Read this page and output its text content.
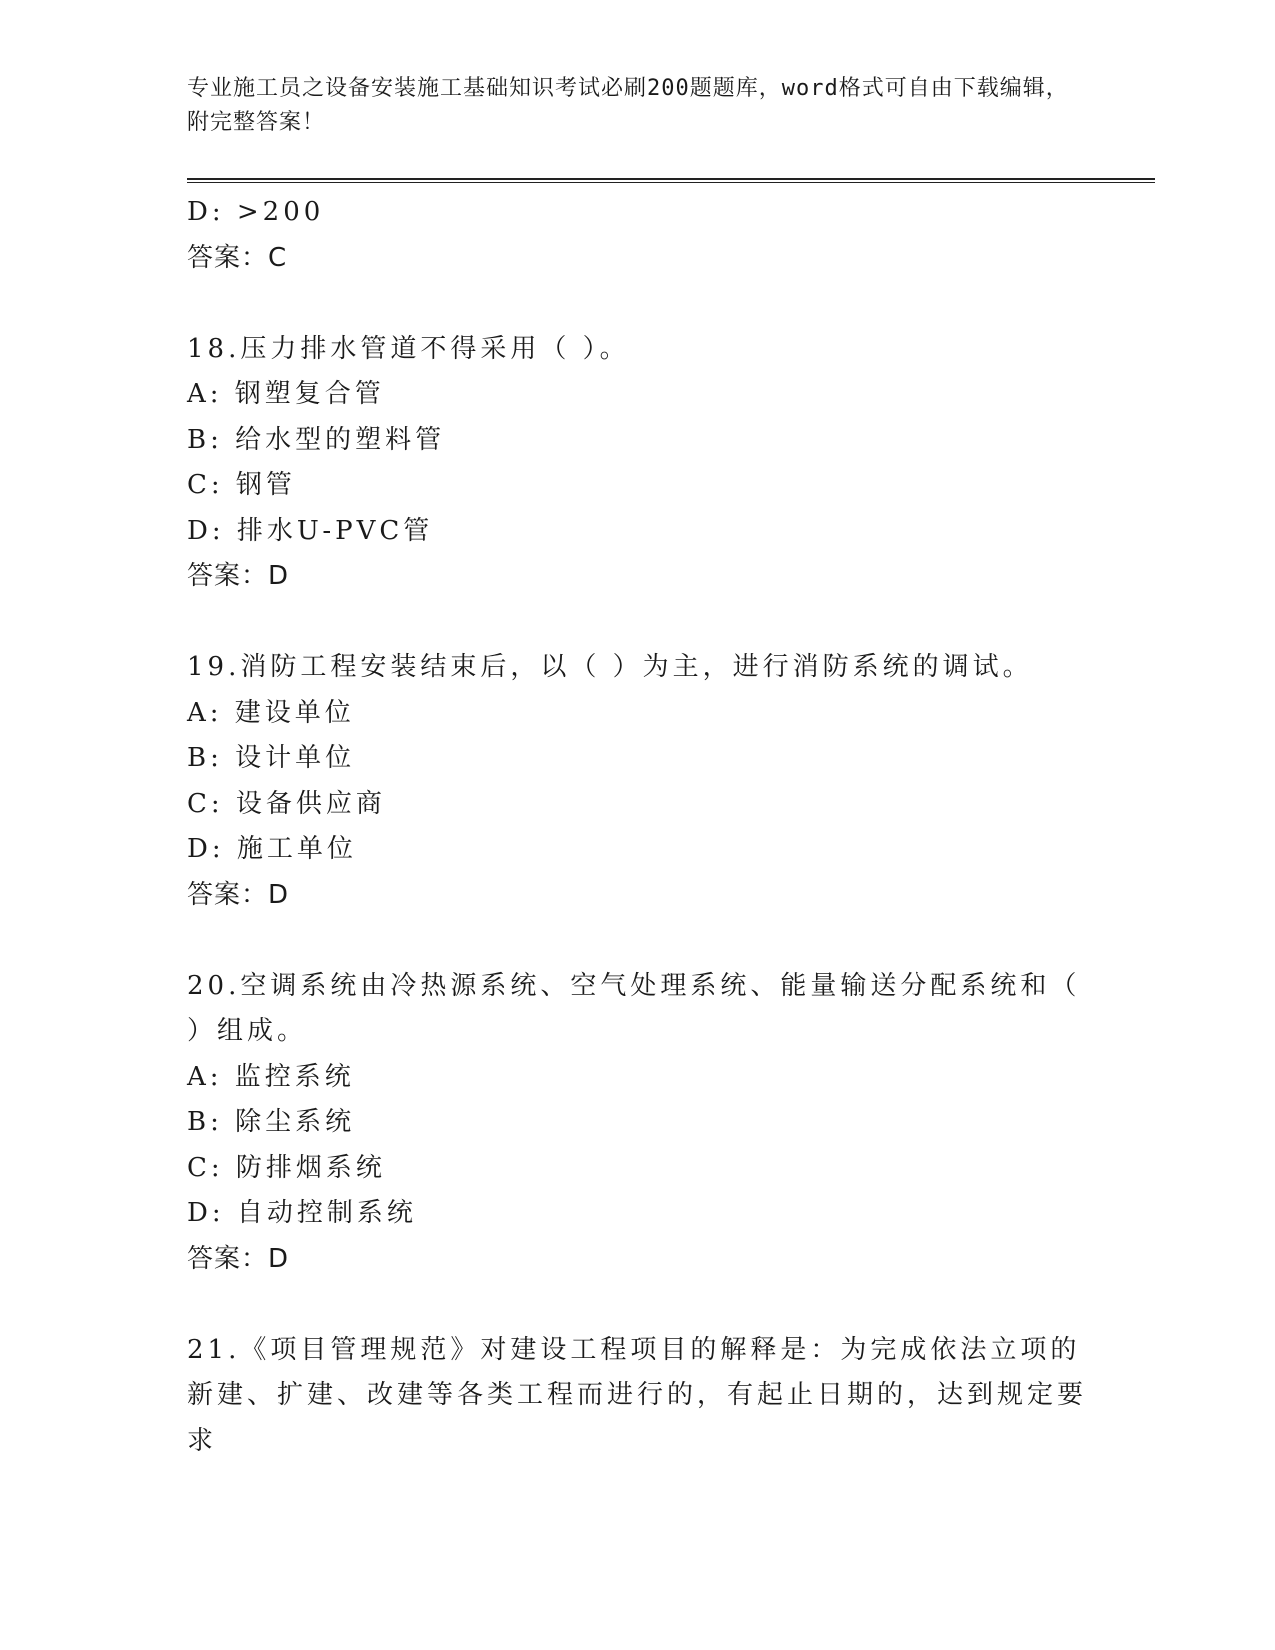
专业施工员之设备安装施工基础知识考试必刷200题题库，word格式可自由下载编辑，附完整答案！
D: >200
答案：C
18.压力排水管道不得采用（ ）。
A: 钢塑复合管
B: 给水型的塑料管
C: 钢管
D: 排水U-PVC管
答案：D
19.消防工程安装结束后，以（ ）为主，进行消防系统的调试。
A: 建设单位
B: 设计单位
C: 设备供应商
D: 施工单位
答案：D
20.空调系统由冷热源系统、空气处理系统、能量输送分配系统和（ ）组成。
A: 监控系统
B: 除尘系统
C: 防排烟系统
D: 自动控制系统
答案：D
21.《项目管理规范》对建设工程项目的解释是：为完成依法立项的新建、扩建、改建等各类工程而进行的，有起止日期的，达到规定要求
